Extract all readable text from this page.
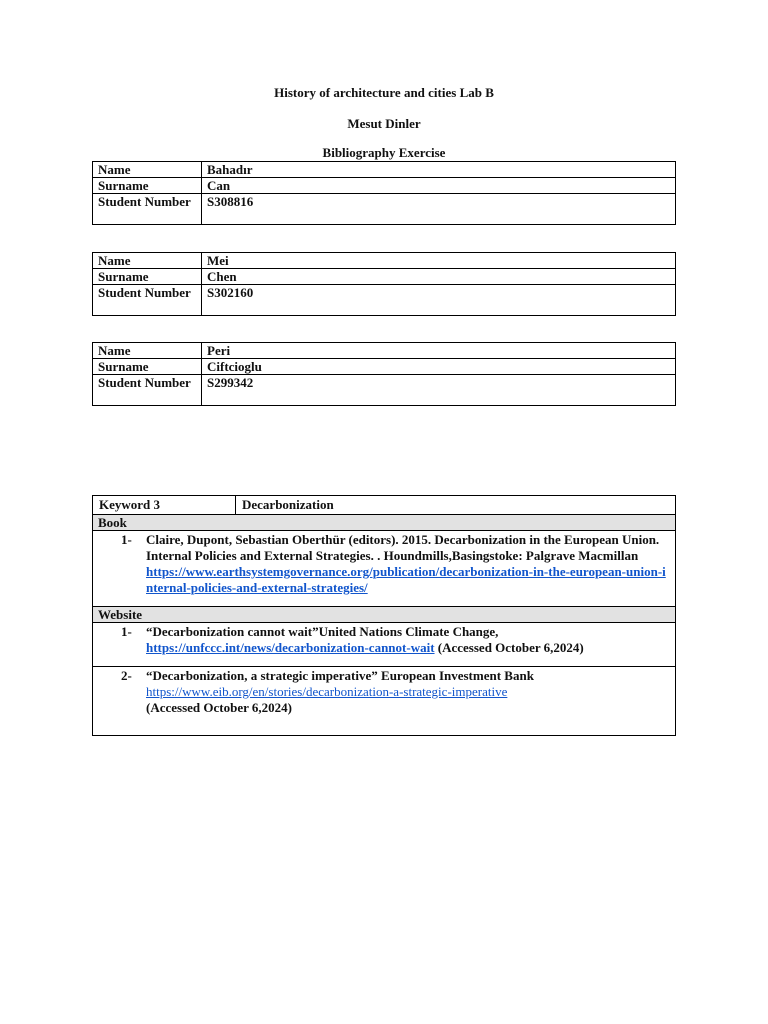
History of architecture and cities Lab B
Mesut Dinler
Bibliography Exercise
Name	Bahadır
Surname	Can
Student Number	S308816
Name	Mei
Surname	Chen
Student Number	S302160
Name	Peri
Surname	Ciftcioglu
Student Number	S299342
Keyword 3	Decarbonization
Book

1- Claire, Dupont, Sebastian Oberthür (editors). 2015. Decarbonization in the European Union. Internal Policies and External Strategies. . Houndmills,Basingstoke: Palgrave Macmillan
https://www.earthsystemgovernance.org/publication/decarbonization-in-the-european-union-internal-policies-and-external-strategies/

Website

1- “Decarbonization cannot wait”United Nations Climate Change,
https://unfccc.int/news/decarbonization-cannot-wait (Accessed October 6,2024)

2- “Decarbonization, a strategic imperative” European Investment Bank
https://www.eib.org/en/stories/decarbonization-a-strategic-imperative
(Accessed October 6,2024)
